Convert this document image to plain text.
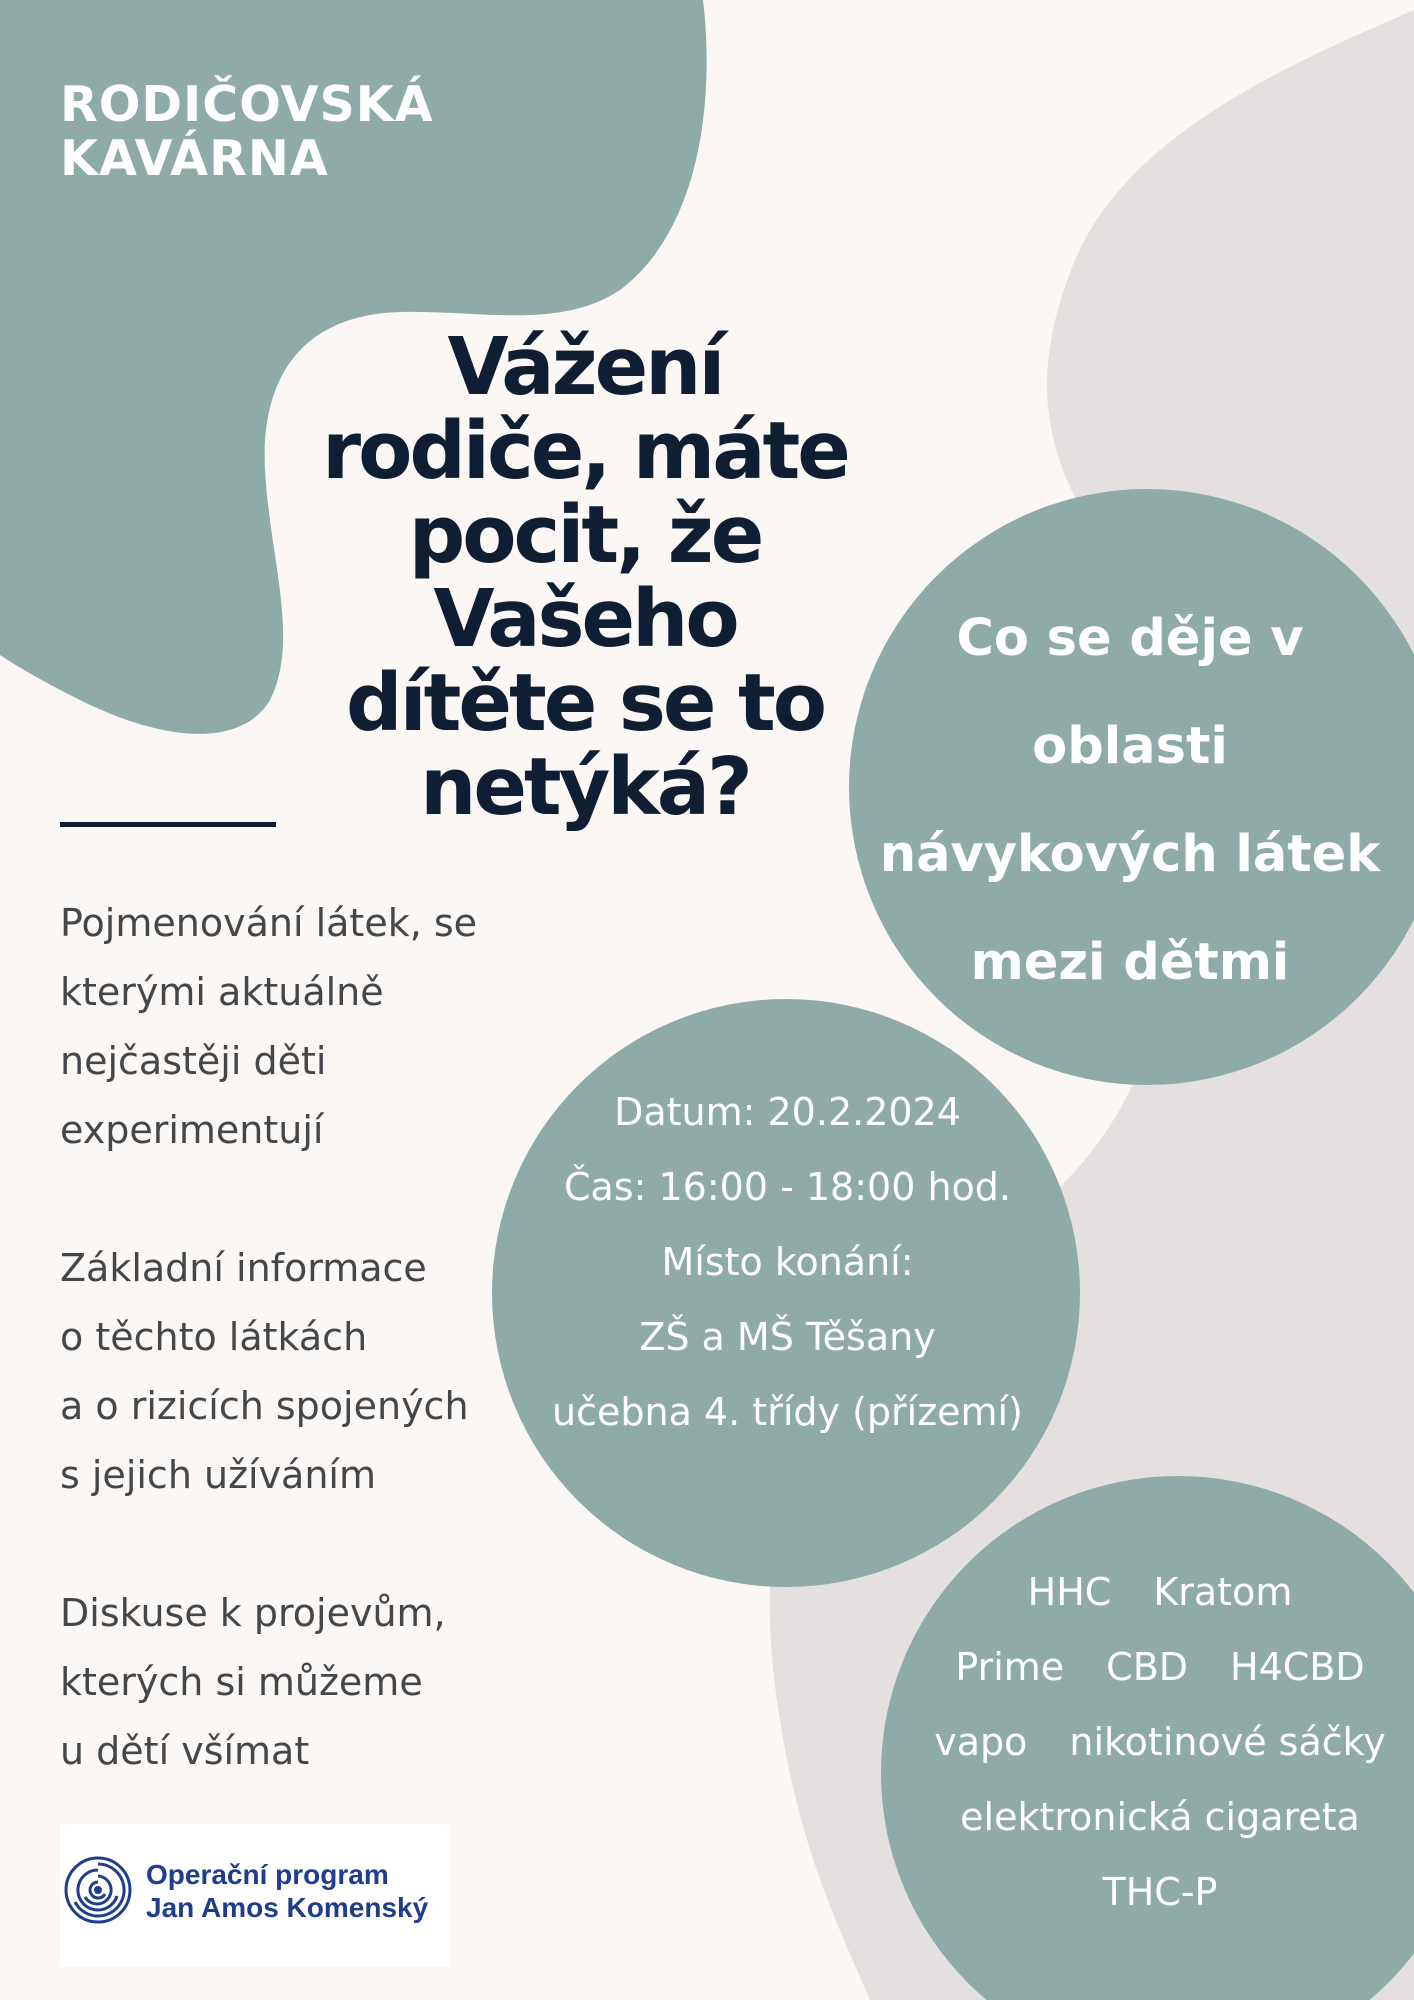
RODIČOVSKÁ
KAVÁRNA
Vážení
rodiče, máte
pocit, že
Vašeho
dítěte se to
netýká?
Pojmenování látek, se
kterými aktuálně
nejčastěji děti
experimentují
Základní informace
o těchto látkách
a o rizicích spojených
s jejich užíváním
Diskuse k projevům,
kterých si můžeme
u dětí všímat
Co se děje v
oblasti
návykových látek
mezi dětmi
Datum: 20.2.2024
Čas: 16:00 - 18:00 hod.
Místo konání:
ZŠ a MŠ Těšany
učebna 4. třídy (přízemí)
HHC Kratom
Prime CBD H4CBD
vapo nikotinové sáčky
elektronická cigareta
THC-P
Operační program
Jan Amos Komenský
